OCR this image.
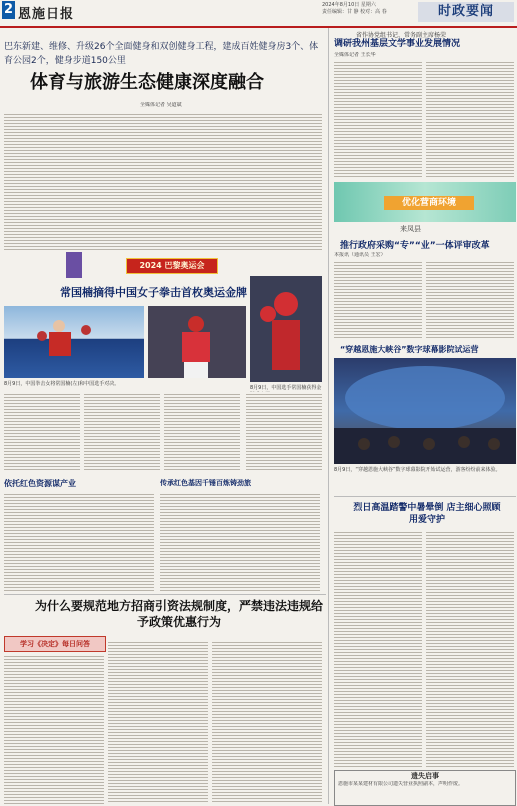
2 恩施日报
2024年8月10日 星期六
责任编辑：甘 静 校对：高 春	时政要闻
巴东新建、维修、升级26个全面健身和双创健身工程，建成百姓健身房3个、体育公园2个，健身步道150公里
体育与旅游生态健康深度融合
全媒体记者 吴道斌
2024 巴黎奥运会
常国楠摘得中国女子拳击首枚奥运金牌
8月9日，中国拳击女将常国楠(左)和中国选手对决。
8月9日，中国选手常国楠获得金
依托红色资源谋产业	传承红色基因千锤百炼铸劲旅
省作协党组书记、常务副主席杨荣
调研我州基层文学事业发展情况
全媒体记者 王长华
优化营商环境
来凤县
推行政府采购“专”“业”一体评审改革
本报讯（通讯员 王宏）
“穿越恩施大峡谷”数字球幕影院试运营
8月9日，“穿越恩施大峡谷”数字球幕影院开始试运营，游客纷纷前来体验。
烈日高温踏警中暑晕倒 店主细心照顾用爱守护
为什么要规范地方招商引资法规制度，严禁违法违规给予政策优惠行为
学习《决定》每日问答
遗失启事
恩施市某某建材有限公司遗失营业执照副本，声明作废。
